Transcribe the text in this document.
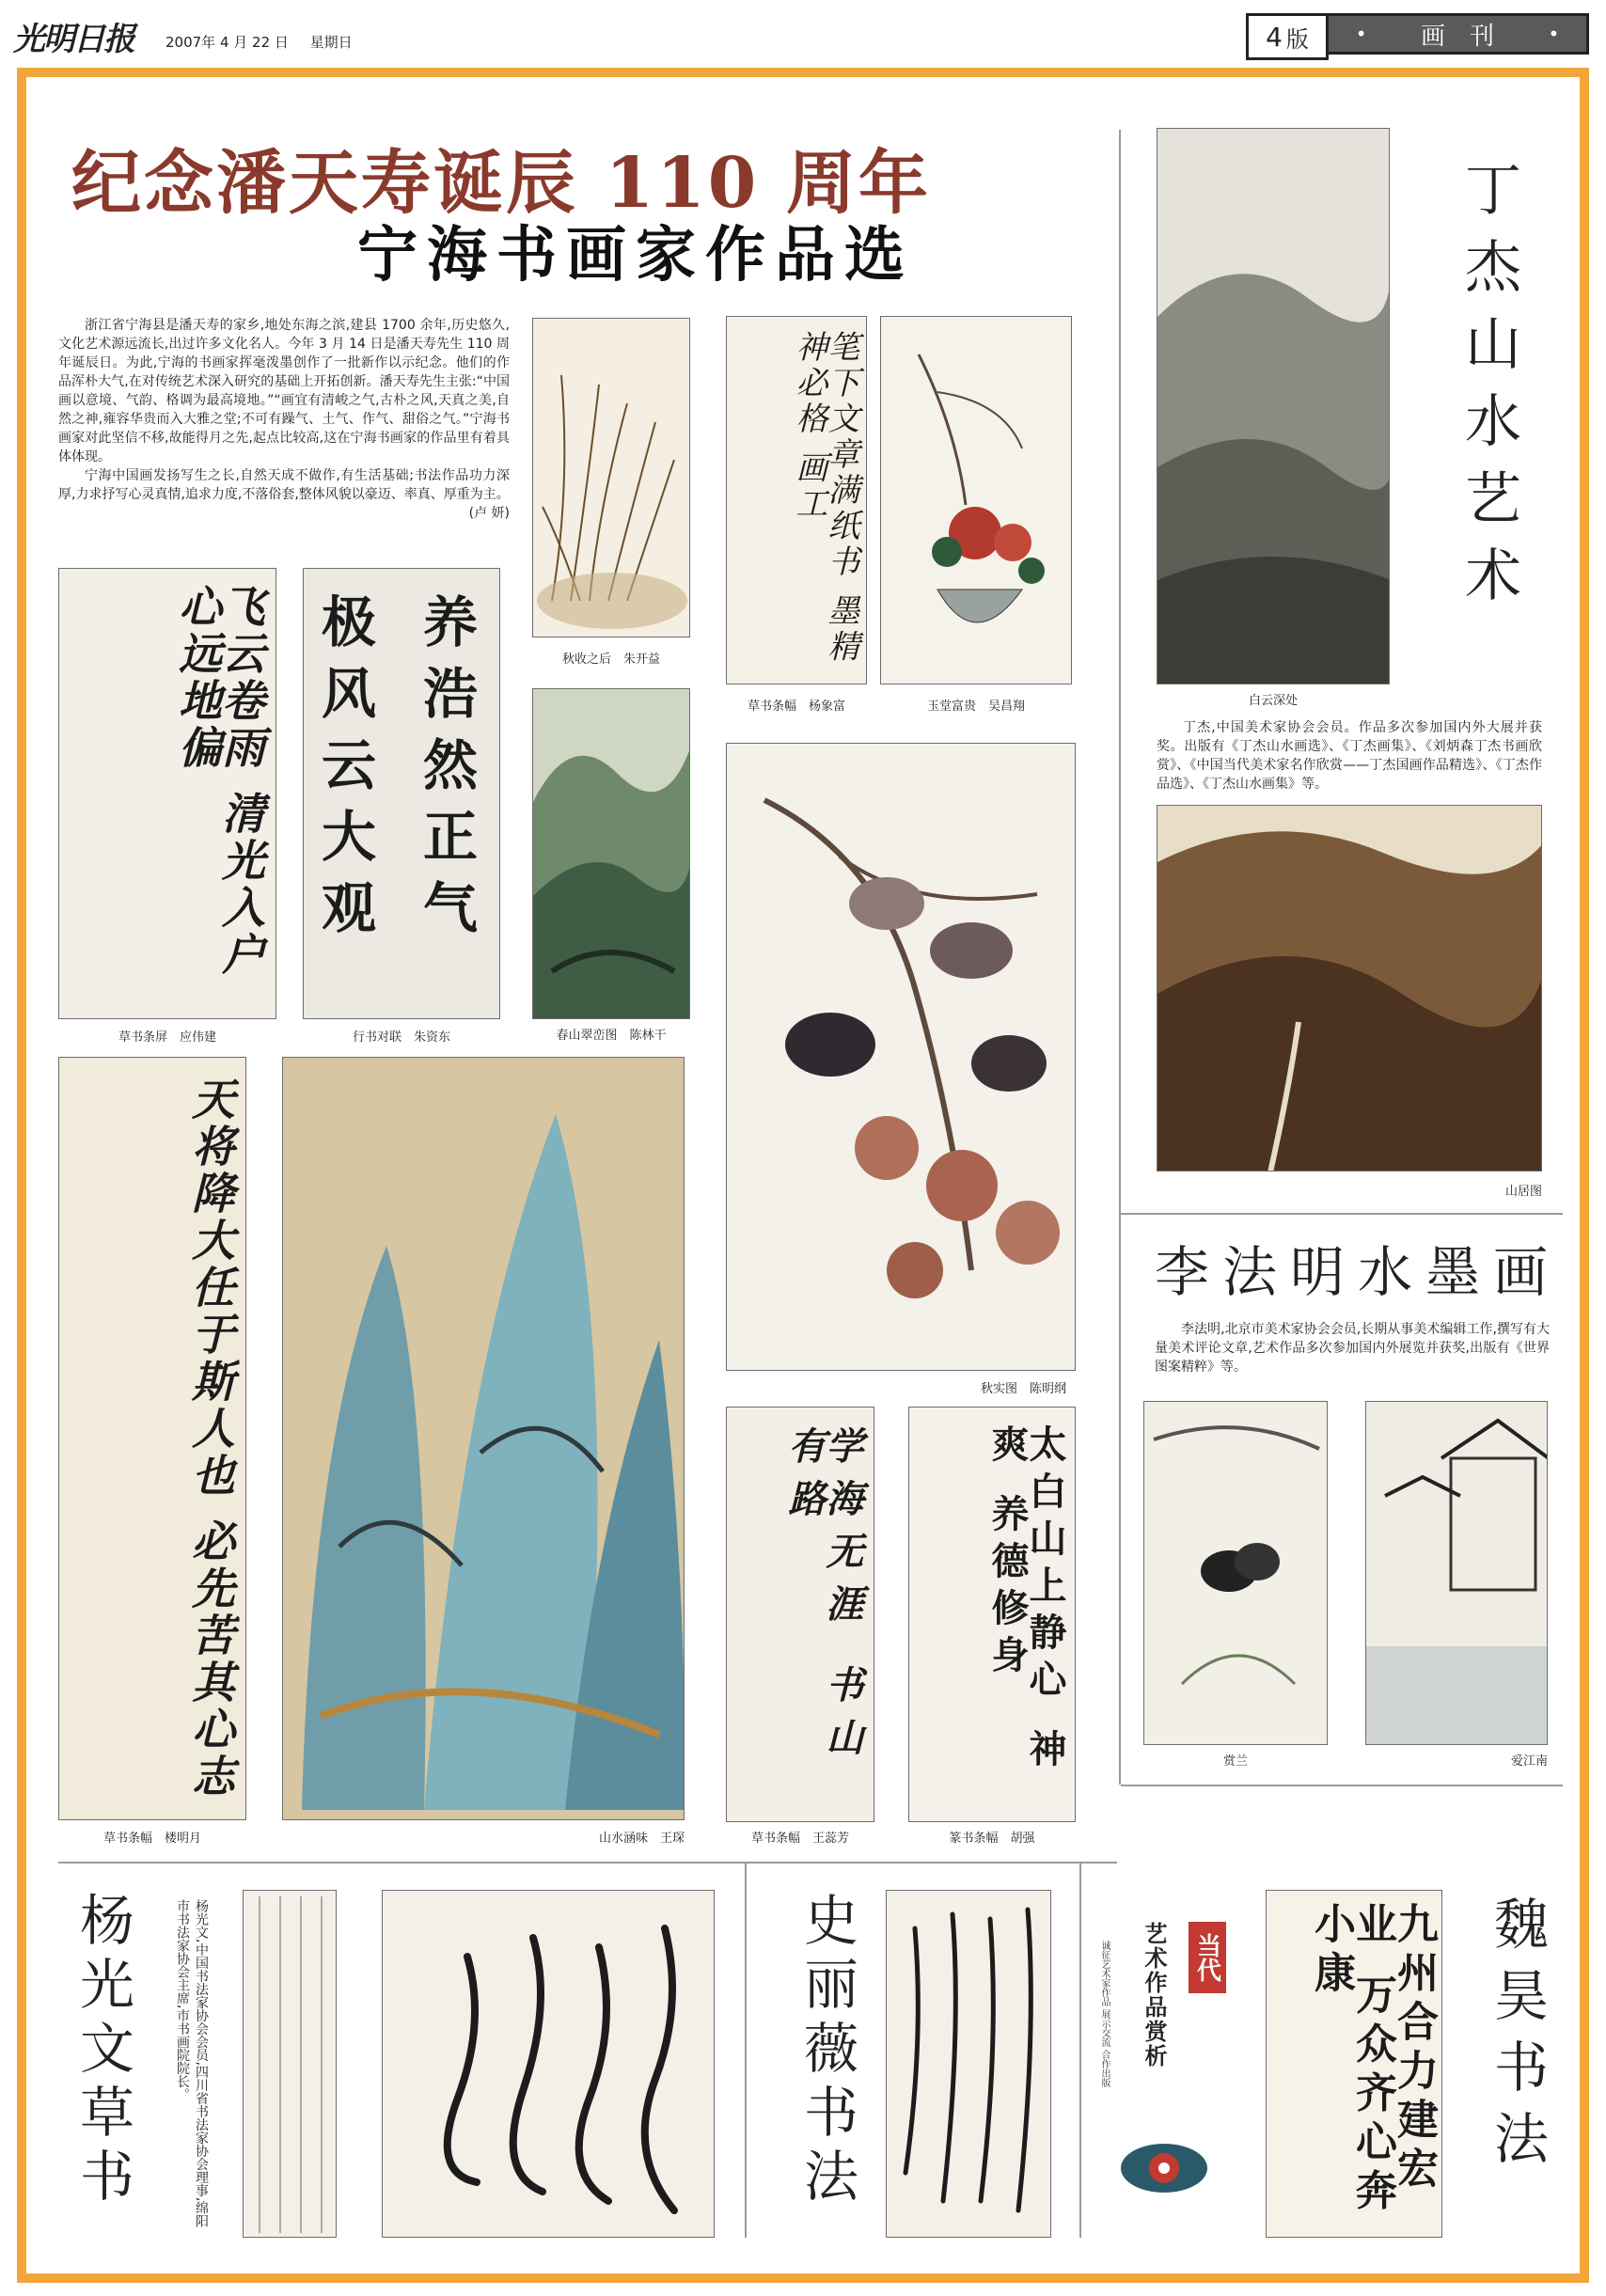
光明日报 2007年 4 月 22 日 星期日	4 版 • 画　刊	•
纪念潘天寿诞辰 110 周年
宁海书画家作品选
浙江省宁海县是潘天寿的家乡,地处东海之滨,建县 1700 余年,历史悠久,文化艺术源远流长,出过许多文化名人。今年 3 月 14 日是潘天寿先生 110 周年诞辰日。为此,宁海的书画家挥毫泼墨创作了一批新作以示纪念。他们的作品浑朴大气,在对传统艺术深入研究的基础上开拓创新。潘天寿先生主张:“中国画以意境、气韵、格调为最高境地。”“画宜有清峻之气,古朴之风,天真之美,自然之神,雍容华贵而入大雅之堂;不可有躁气、土气、作气、甜俗之气。”宁海书画家对此坚信不移,故能得月之先,起点比较高,这在宁海书画家的作品里有着具体体现。
宁海中国画发扬写生之长,自然天成不做作,有生活基础;书法作品功力深厚,力求抒写心灵真情,追求力度,不落俗套,整体风貌以豪迈、率真、厚重为主。
(卢 妍)
秋收之后　朱开益	笔下文章满纸书 墨精神必格 画工
草书条幅　杨象富	玉堂富贵　吴昌翔
飞云卷雨 清光入户 心远地偏
草书条屏　应伟建
养浩然正气
极风云大观
行书对联　朱资东	春山翠峦图　陈林干
秋实图　陈明纲
天将降大任于斯人也 必先苦其心志
草书条幅　楼明月	山水涵味　王琛
学海无涯 书山有路
草书条幅　王蕊芳
太白山上静心 神爽 养德修身
篆书条幅　胡强
丁杰山水艺术
白云深处
丁杰,中国美术家协会会员。作品多次参加国内外大展并获奖。出版有《丁杰山水画选》、《丁杰画集》、《刘炳森丁杰书画欣赏》、《中国当代美术家名作欣赏——丁杰国画作品精选》、《丁杰作品选》、《丁杰山水画集》等。
山居图
李法明水墨画
李法明,北京市美术家协会会员,长期从事美术编辑工作,撰写有大量美术评论文章,艺术作品多次参加国内外展览并获奖,出版有《世界图案精粹》等。
赏兰	爱江南
杨光文草书	杨光文,中国书法家协会会员,四川省书法家协会理事,绵阳市书法家协会主席,市书画院院长。	史丽薇书法	诚征艺术家作品 展示交流 合作出版	当代
艺术作品赏析	九州合力建宏业 万众齐心奔小康	魏昊书法
